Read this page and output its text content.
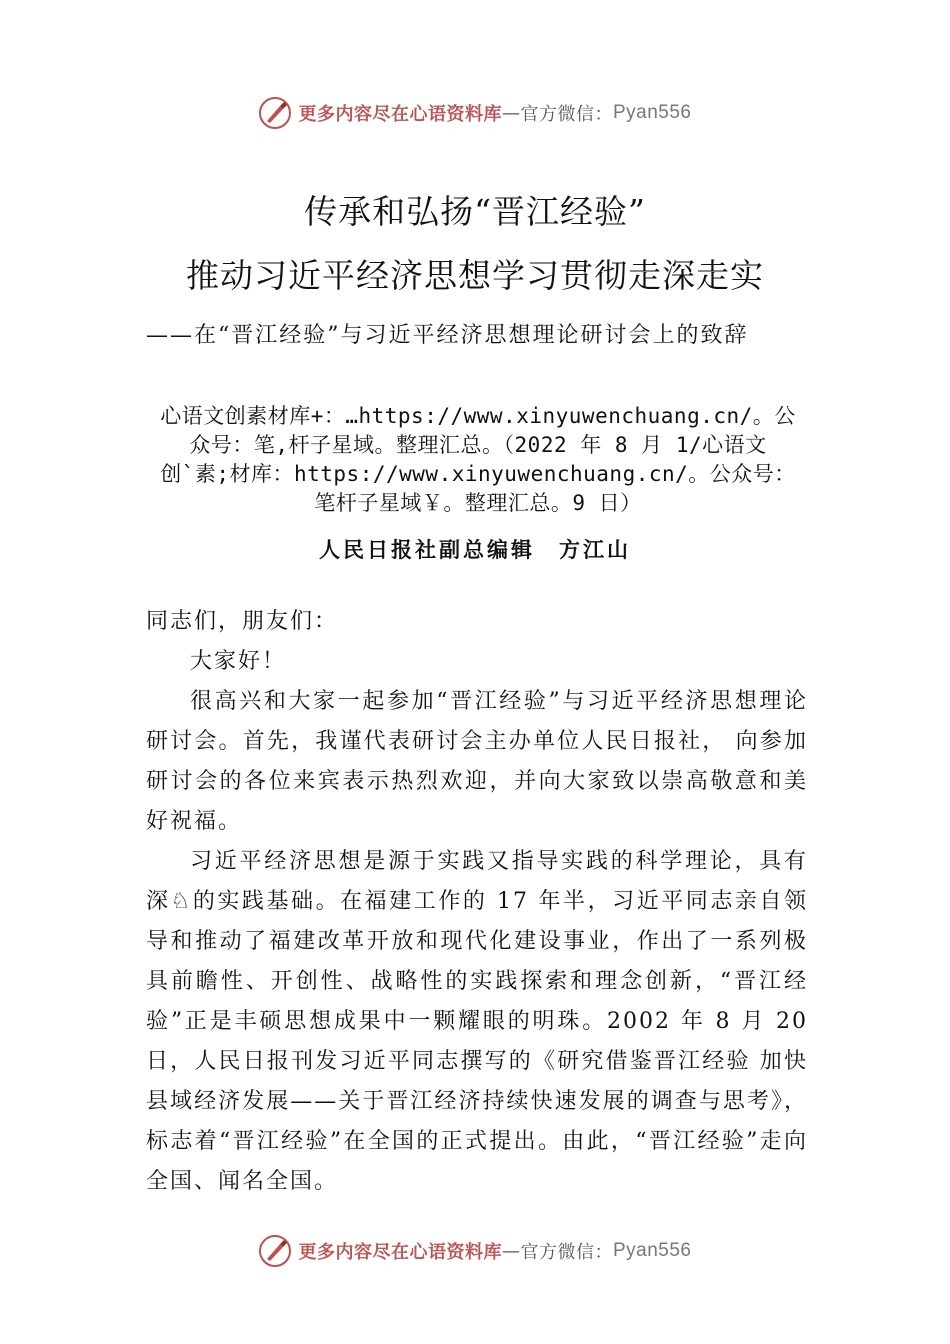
更多内容尽在心语资料库 — 官方微信： Pyan556
传承和弘扬“晋江经验”
推动习近平经济思想学习贯彻走深走实
——在“晋江经验”与习近平经济思想理论研讨会上的致辞
心语文创素材库+：…https://www.xinyuwenchuang.cn/。公
众号：笔,杆子星域。整理汇总。（2022 年 8 月 1/心语文
创`素;材库：https://www.xinyuwenchuang.cn/。公众号：
笔杆子星域￥。整理汇总。9 日）
人民日报社副总编辑 方江山
同志们，朋友们：

大家好！

很高兴和大家一起参加“晋江经验”与习近平经济思想理论研讨会。首先，我谨代表研讨会主办单位人民日报社， 向参加研讨会的各位来宾表示热烈欢迎，并向大家致以崇高敬意和美好祝福。

习近平经济思想是源于实践又指导实践的科学理论，具有深♘的实践基础。在福建工作的 17 年半，习近平同志亲自领导和推动了福建改革开放和现代化建设事业，作出了一系列极具前瞻性、开创性、战略性的实践探索和理念创新，“晋江经验”正是丰硕思想成果中一颗耀眼的明珠。2002 年 8 月 20 日，人民日报刊发习近平同志撰写的《研究借鉴晋江经验 加快县域经济发展——关于晋江经济持续快速发展的调查与思考》，标志着“晋江经验”在全国的正式提出。由此，“晋江经验”走向全国、闻名全国。

更多内容尽在心语资料库 — 官方微信： Pyan556
